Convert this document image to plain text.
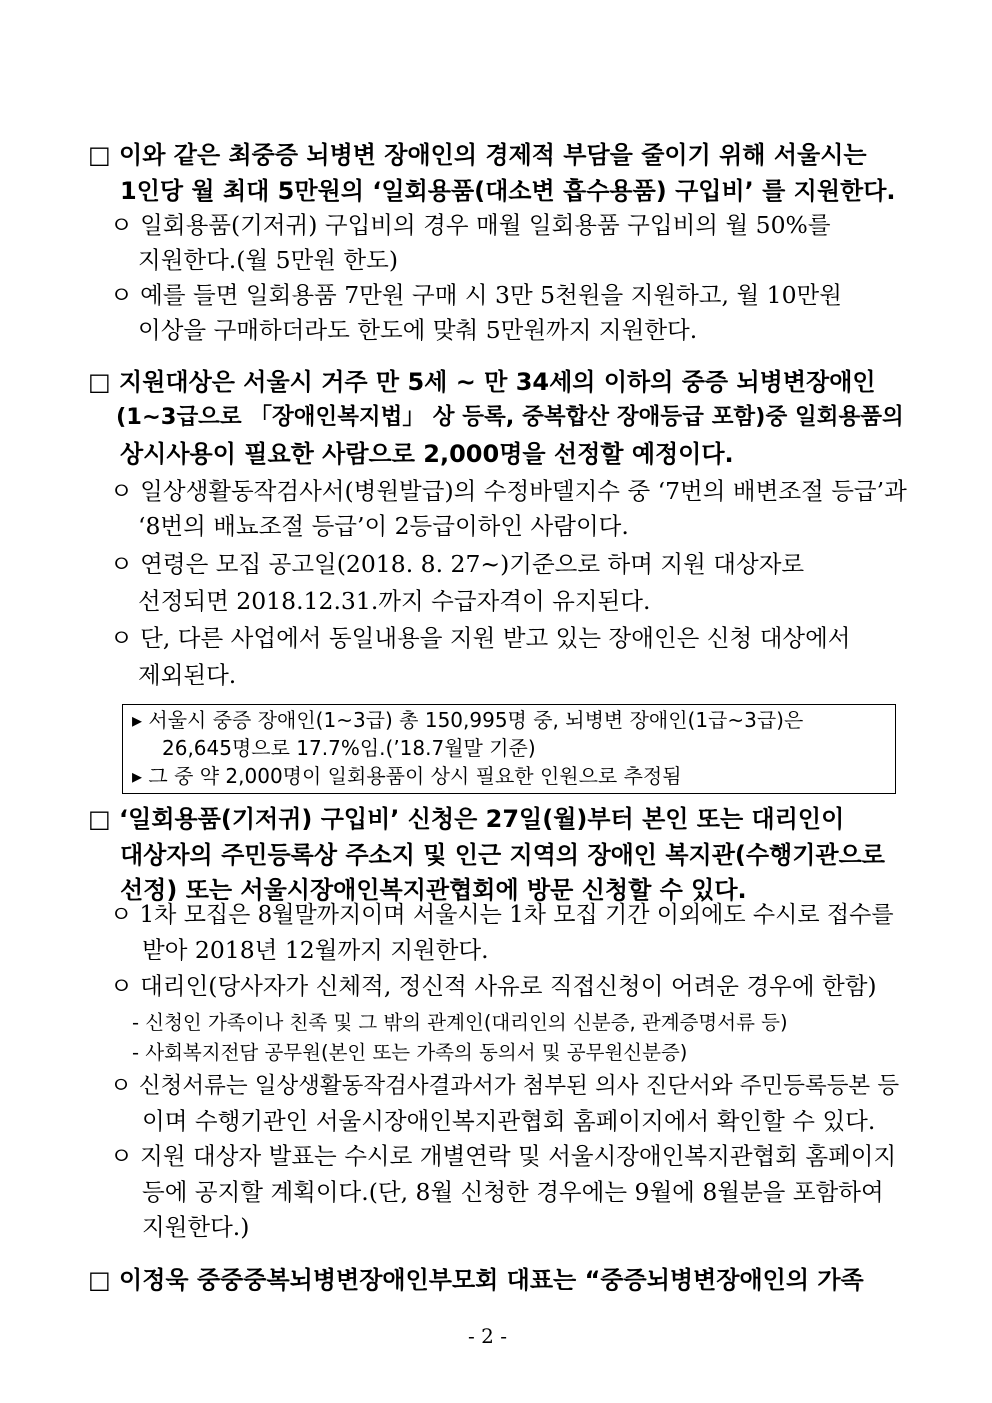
□ 이와 같은 최중증 뇌병변 장애인의 경제적 부담을 줄이기 위해 서울시는
1인당 월 최대 5만원의 ‘일회용품(대소변 흡수용품) 구입비’ 를 지원한다.
ㅇ 일회용품(기저귀) 구입비의 경우 매월 일회용품 구입비의 월 50%를
지원한다.(월 5만원 한도)
ㅇ 예를 들면 일회용품 7만원 구매 시 3만 5천원을 지원하고, 월 10만원
이상을 구매하더라도 한도에 맞춰 5만원까지 지원한다.
□ 지원대상은 서울시 거주 만 5세 ~ 만 34세의 이하의 중증 뇌병변장애인
(1~3급으로 「장애인복지법」 상 등록, 중복합산 장애등급 포함)중 일회용품의
상시사용이 필요한 사람으로 2,000명을 선정할 예정이다.
ㅇ 일상생활동작검사서(병원발급)의 수정바델지수 중 ‘7번의 배변조절 등급’과
‘8번의 배뇨조절 등급’이 2등급이하인 사람이다.
ㅇ 연령은 모집 공고일(2018. 8. 27~)기준으로 하며 지원 대상자로
선정되면 2018.12.31.까지 수급자격이 유지된다.
ㅇ 단, 다른 사업에서 동일내용을 지원 받고 있는 장애인은 신청 대상에서
제외된다.
▸ 서울시 중증 장애인(1~3급) 총 150,995명 중, 뇌병변 장애인(1급~3급)은
26,645명으로 17.7%임.(’18.7월말 기준)
▸ 그 중 약 2,000명이 일회용품이 상시 필요한 인원으로 추정됨
□ ‘일회용품(기저귀) 구입비’ 신청은 27일(월)부터 본인 또는 대리인이
대상자의 주민등록상 주소지 및 인근 지역의 장애인 복지관(수행기관으로
선정) 또는 서울시장애인복지관협회에 방문 신청할 수 있다.
ㅇ 1차 모집은 8월말까지이며 서울시는 1차 모집 기간 이외에도 수시로 접수를
받아 2018년 12월까지 지원한다.
ㅇ 대리인(당사자가 신체적, 정신적 사유로 직접신청이 어려운 경우에 한함)
- 신청인 가족이나 친족 및 그 밖의 관계인(대리인의 신분증, 관계증명서류 등)
- 사회복지전담 공무원(본인 또는 가족의 동의서 및 공무원신분증)
ㅇ 신청서류는 일상생활동작검사결과서가 첨부된 의사 진단서와 주민등록등본 등
이며 수행기관인 서울시장애인복지관협회 홈페이지에서 확인할 수 있다.
ㅇ 지원 대상자 발표는 수시로 개별연락 및 서울시장애인복지관협회 홈페이지
등에 공지할 계획이다.(단, 8월 신청한 경우에는 9월에 8월분을 포함하여
지원한다.)
□ 이정욱 중중중복뇌병변장애인부모회 대표는 “중증뇌병변장애인의 가족
- 2 -
